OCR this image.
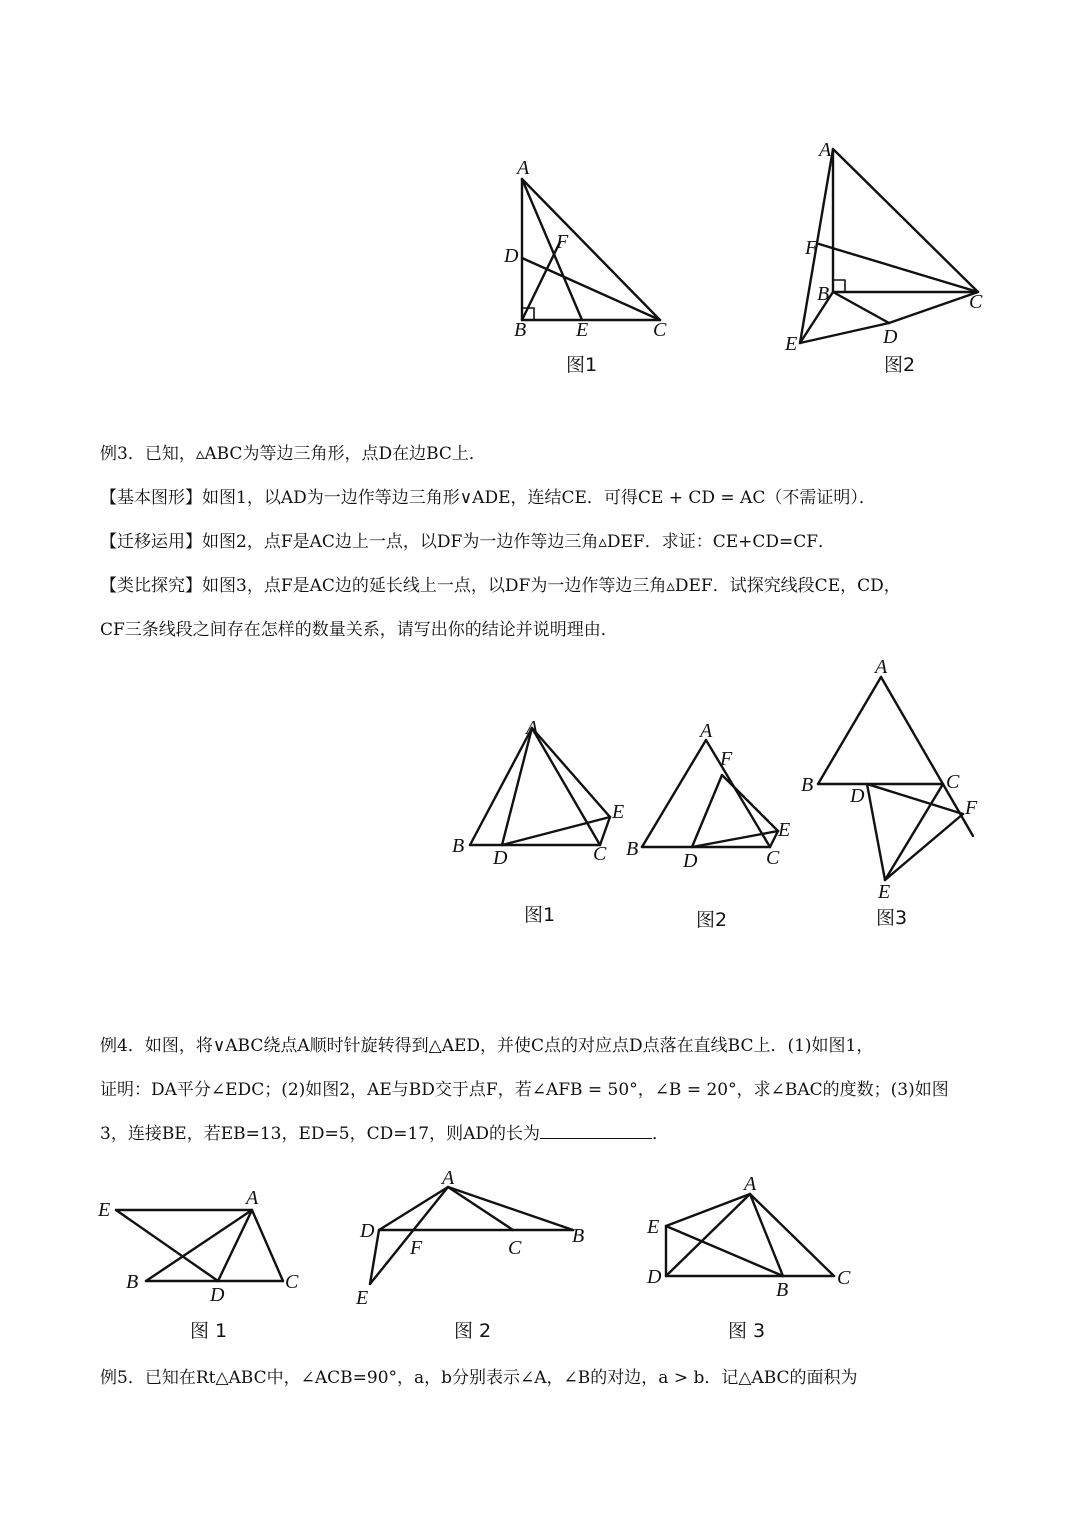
A
D
F
B E	C
图1
A
F
B	C
D
E
图2
例3．已知，▵ABC为等边三角形，点D在边BC上．
【基本图形】如图1，以AD为一边作等边三角形∨ADE，连结CE．可得CE + CD = AC（不需证明）．
【迁移运用】如图2，点F是AC边上一点，以DF为一边作等边三角▵DEF．求证：CE+CD=CF．
【类比探究】如图3，点F是AC边的延长线上一点，以DF为一边作等边三角▵DEF．试探究线段CE，CD，
CF三条线段之间存在怎样的数量关系，请写出你的结论并说明理由．
A
B
D	C
E
图1
A
F
B
D	C
E
图2
A
B	C
D
F
E
图3
例4．如图，将∨ABC绕点A顺时针旋转得到△AED，并使C点的对应点D点落在直线BC上．(1)如图1，
证明：DA平分∠EDC；(2)如图2，AE与BD交于点F，若∠AFB = 50°，∠B = 20°，求∠BAC的度数；(3)如图
3，连接BE，若EB=13，ED=5，CD=17，则AD的长为	．
E
A
B
D
C
图 1
A
D
F	C
B
E
图 2
A
E
D
B
C
图 3
例5．已知在Rt△ABC中，∠ACB=90°，a，b分别表示∠A，∠B的对边，a > b．记△ABC的面积为
